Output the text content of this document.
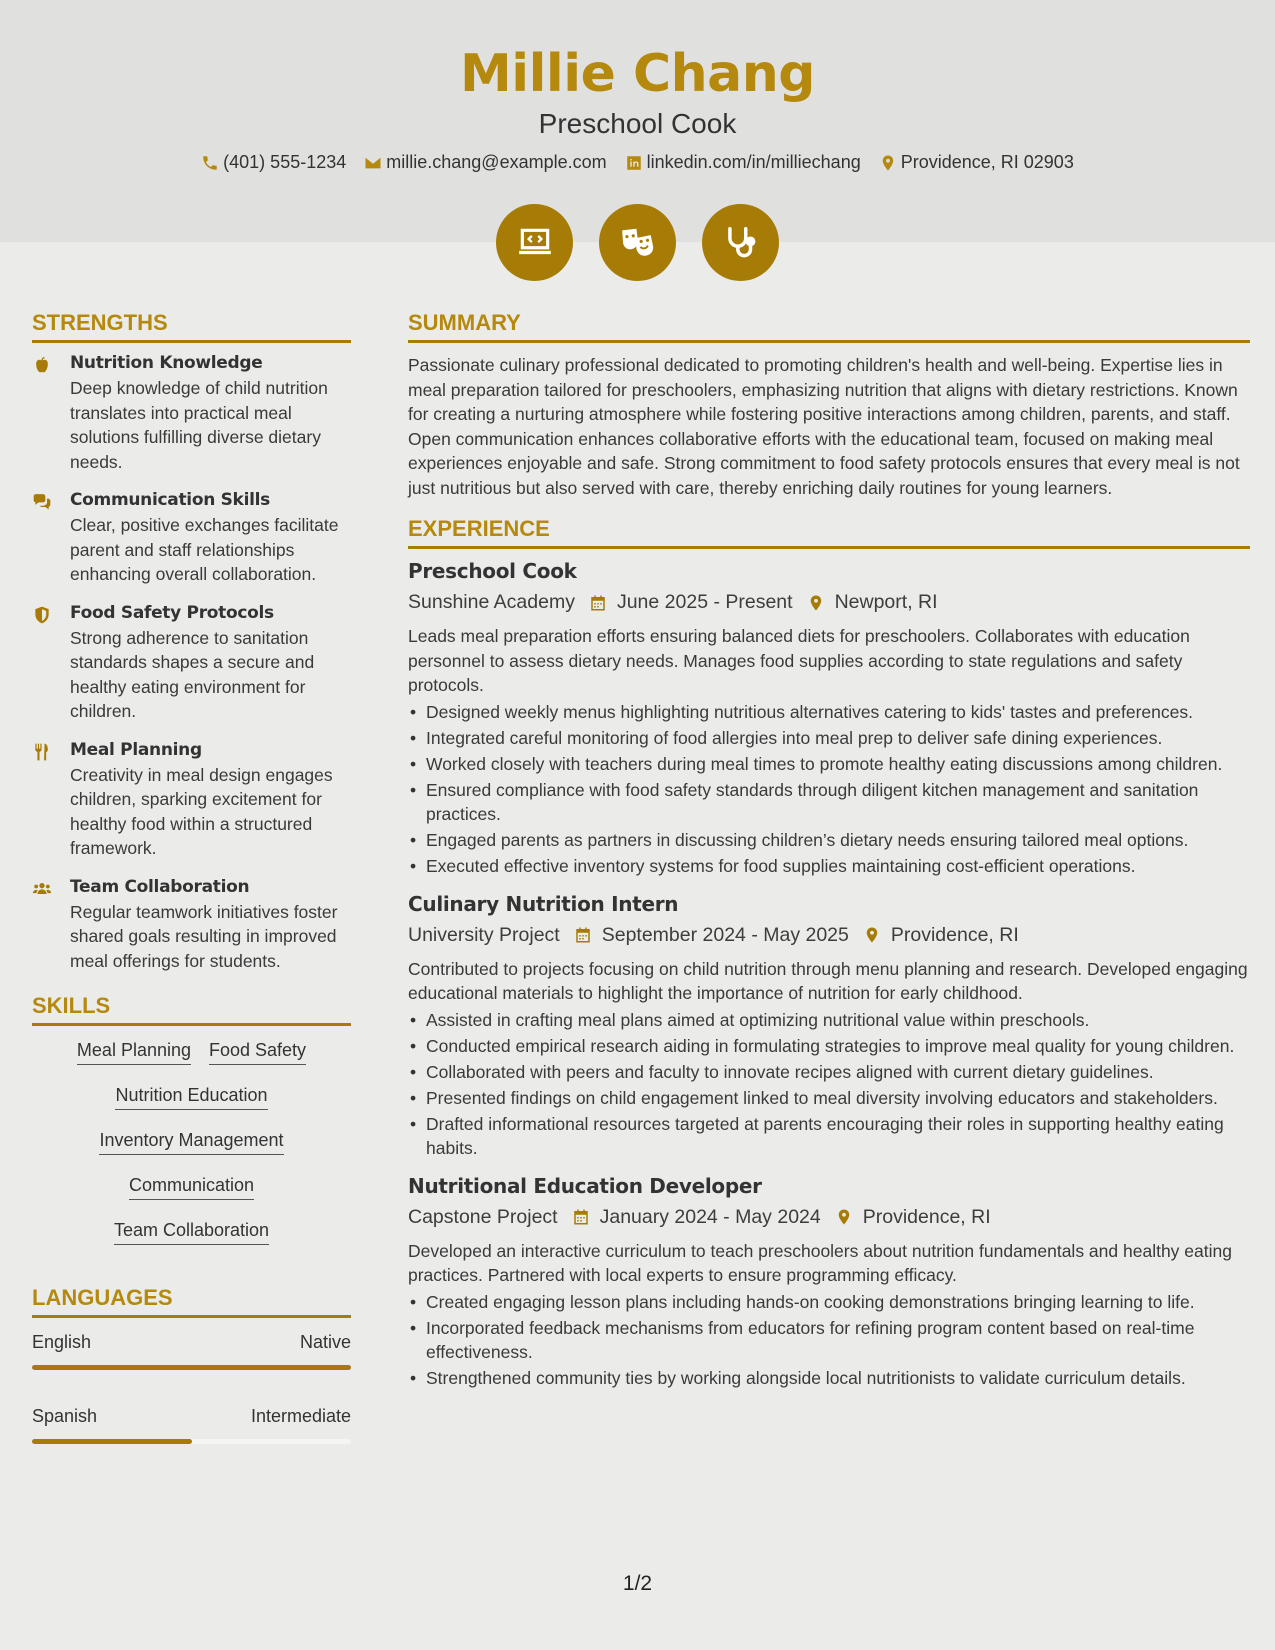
Millie Chang
Preschool Cook
(401) 555-1234 millie.chang@example.com linkedin.com/in/milliechang Providence, RI 02903
STRENGTHS
Nutrition Knowledge

Deep knowledge of child nutrition translates into practical meal solutions fulfilling diverse dietary needs.

Communication Skills

Clear, positive exchanges facilitate parent and staff relationships enhancing overall collaboration.

Food Safety Protocols

Strong adherence to sanitation standards shapes a secure and healthy eating environment for children.

Meal Planning

Creativity in meal design engages children, sparking excitement for healthy food within a structured framework.

Team Collaboration

Regular teamwork initiatives foster shared goals resulting in improved meal offerings for students.

SKILLS
Meal Planning Food Safety
Nutrition Education
Inventory Management
Communication
Team Collaboration
LANGUAGES
English	Native
Spanish	Intermediate
SUMMARY

Passionate culinary professional dedicated to promoting children's health and well-being. Expertise lies in meal preparation tailored for preschoolers, emphasizing nutrition that aligns with dietary restrictions. Known for creating a nurturing atmosphere while fostering positive interactions among children, parents, and staff. Open communication enhances collaborative efforts with the educational team, focused on making meal experiences enjoyable and safe. Strong commitment to food safety protocols ensures that every meal is not just nutritious but also served with care, thereby enriching daily routines for young learners.

EXPERIENCE
Preschool Cook
Sunshine Academy June 2025 - Present Newport, RI

Leads meal preparation efforts ensuring balanced diets for preschoolers. Collaborates with education personnel to assess dietary needs. Manages food supplies according to state regulations and safety protocols.

• Designed weekly menus highlighting nutritious alternatives catering to kids' tastes and preferences.
• Integrated careful monitoring of food allergies into meal prep to deliver safe dining experiences.
• Worked closely with teachers during meal times to promote healthy eating discussions among children.
• Ensured compliance with food safety standards through diligent kitchen management and sanitation practices.
• Engaged parents as partners in discussing children’s dietary needs ensuring tailored meal options.
• Executed effective inventory systems for food supplies maintaining cost-efficient operations.
Culinary Nutrition Intern
University Project September 2024 - May 2025 Providence, RI

Contributed to projects focusing on child nutrition through menu planning and research. Developed engaging educational materials to highlight the importance of nutrition for early childhood.

• Assisted in crafting meal plans aimed at optimizing nutritional value within preschools.
• Conducted empirical research aiding in formulating strategies to improve meal quality for young children.
• Collaborated with peers and faculty to innovate recipes aligned with current dietary guidelines.
• Presented findings on child engagement linked to meal diversity involving educators and stakeholders.
• Drafted informational resources targeted at parents encouraging their roles in supporting healthy eating habits.
Nutritional Education Developer
Capstone Project January 2024 - May 2024 Providence, RI

Developed an interactive curriculum to teach preschoolers about nutrition fundamentals and healthy eating practices. Partnered with local experts to ensure programming efficacy.

• Created engaging lesson plans including hands-on cooking demonstrations bringing learning to life.
• Incorporated feedback mechanisms from educators for refining program content based on real-time effectiveness.
• Strengthened community ties by working alongside local nutritionists to validate curriculum details.
1/2
